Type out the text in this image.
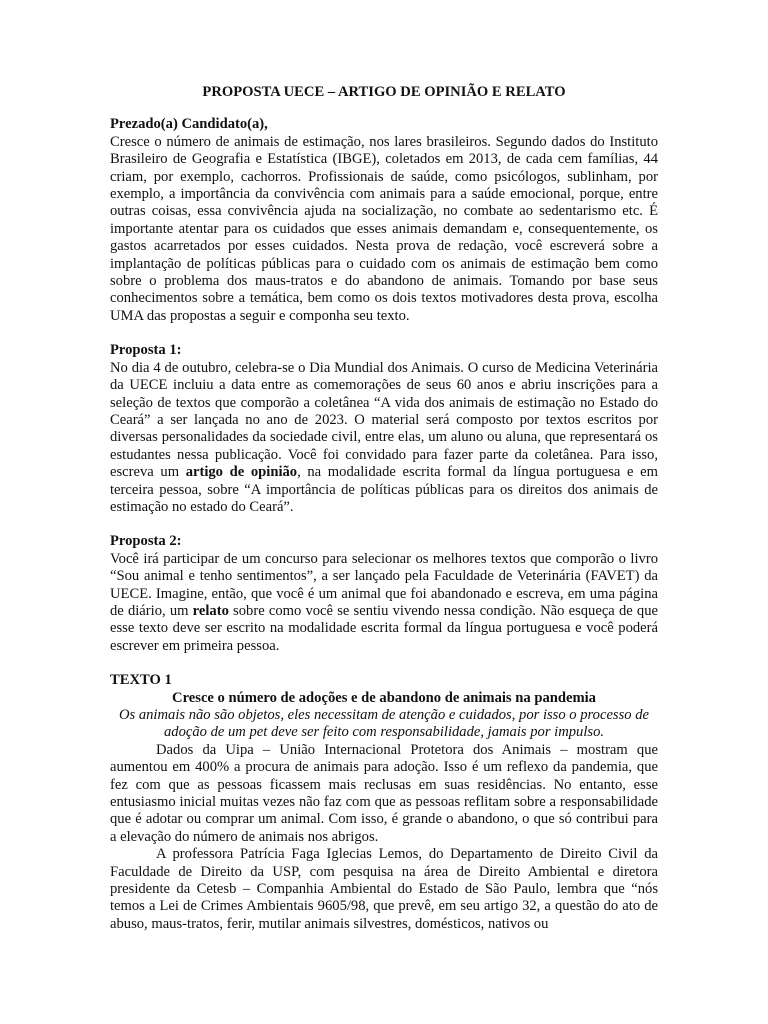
PROPOSTA UECE – ARTIGO DE OPINIÃO E RELATO

Prezado(a) Candidato(a),

Cresce o número de animais de estimação, nos lares brasileiros. Segundo dados do Instituto Brasileiro de Geografia e Estatística (IBGE), coletados em 2013, de cada cem famílias, 44 criam, por exemplo, cachorros. Profissionais de saúde, como psicólogos, sublinham, por exemplo, a importância da convivência com animais para a saúde emocional, porque, entre outras coisas, essa convivência ajuda na socialização, no combate ao sedentarismo etc. É importante atentar para os cuidados que esses animais demandam e, consequentemente, os gastos acarretados por esses cuidados. Nesta prova de redação, você escreverá sobre a implantação de políticas públicas para o cuidado com os animais de estimação bem como sobre o problema dos maus-tratos e do abandono de animais. Tomando por base seus conhecimentos sobre a temática, bem como os dois textos motivadores desta prova, escolha UMA das propostas a seguir e componha seu texto.

Proposta 1:

No dia 4 de outubro, celebra-se o Dia Mundial dos Animais. O curso de Medicina Veterinária da UECE incluiu a data entre as comemorações de seus 60 anos e abriu inscrições para a seleção de textos que comporão a coletânea “A vida dos animais de estimação no Estado do Ceará” a ser lançada no ano de 2023. O material será composto por textos escritos por diversas personalidades da sociedade civil, entre elas, um aluno ou aluna, que representará os estudantes nessa publicação. Você foi convidado para fazer parte da coletânea. Para isso, escreva um artigo de opinião, na modalidade escrita formal da língua portuguesa e em terceira pessoa, sobre “A importância de políticas públicas para os direitos dos animais de estimação no estado do Ceará”.

Proposta 2:

Você irá participar de um concurso para selecionar os melhores textos que comporão o livro “Sou animal e tenho sentimentos”, a ser lançado pela Faculdade de Veterinária (FAVET) da UECE. Imagine, então, que você é um animal que foi abandonado e escreva, em uma página de diário, um relato sobre como você se sentiu vivendo nessa condição. Não esqueça de que esse texto deve ser escrito na modalidade escrita formal da língua portuguesa e você poderá escrever em primeira pessoa.

TEXTO 1

Cresce o número de adoções e de abandono de animais na pandemia

Os animais não são objetos, eles necessitam de atenção e cuidados, por isso o processo de adoção de um pet deve ser feito com responsabilidade, jamais por impulso.

Dados da Uipa – União Internacional Protetora dos Animais – mostram que aumentou em 400% a procura de animais para adoção. Isso é um reflexo da pandemia, que fez com que as pessoas ficassem mais reclusas em suas residências. No entanto, esse entusiasmo inicial muitas vezes não faz com que as pessoas reflitam sobre a responsabilidade que é adotar ou comprar um animal. Com isso, é grande o abandono, o que só contribui para a elevação do número de animais nos abrigos.

A professora Patrícia Faga Iglecias Lemos, do Departamento de Direito Civil da Faculdade de Direito da USP, com pesquisa na área de Direito Ambiental e diretora presidente da Cetesb – Companhia Ambiental do Estado de São Paulo, lembra que “nós temos a Lei de Crimes Ambientais 9605/98, que prevê, em seu artigo 32, a questão do ato de abuso, maus-tratos, ferir, mutilar animais silvestres, domésticos, nativos ou
